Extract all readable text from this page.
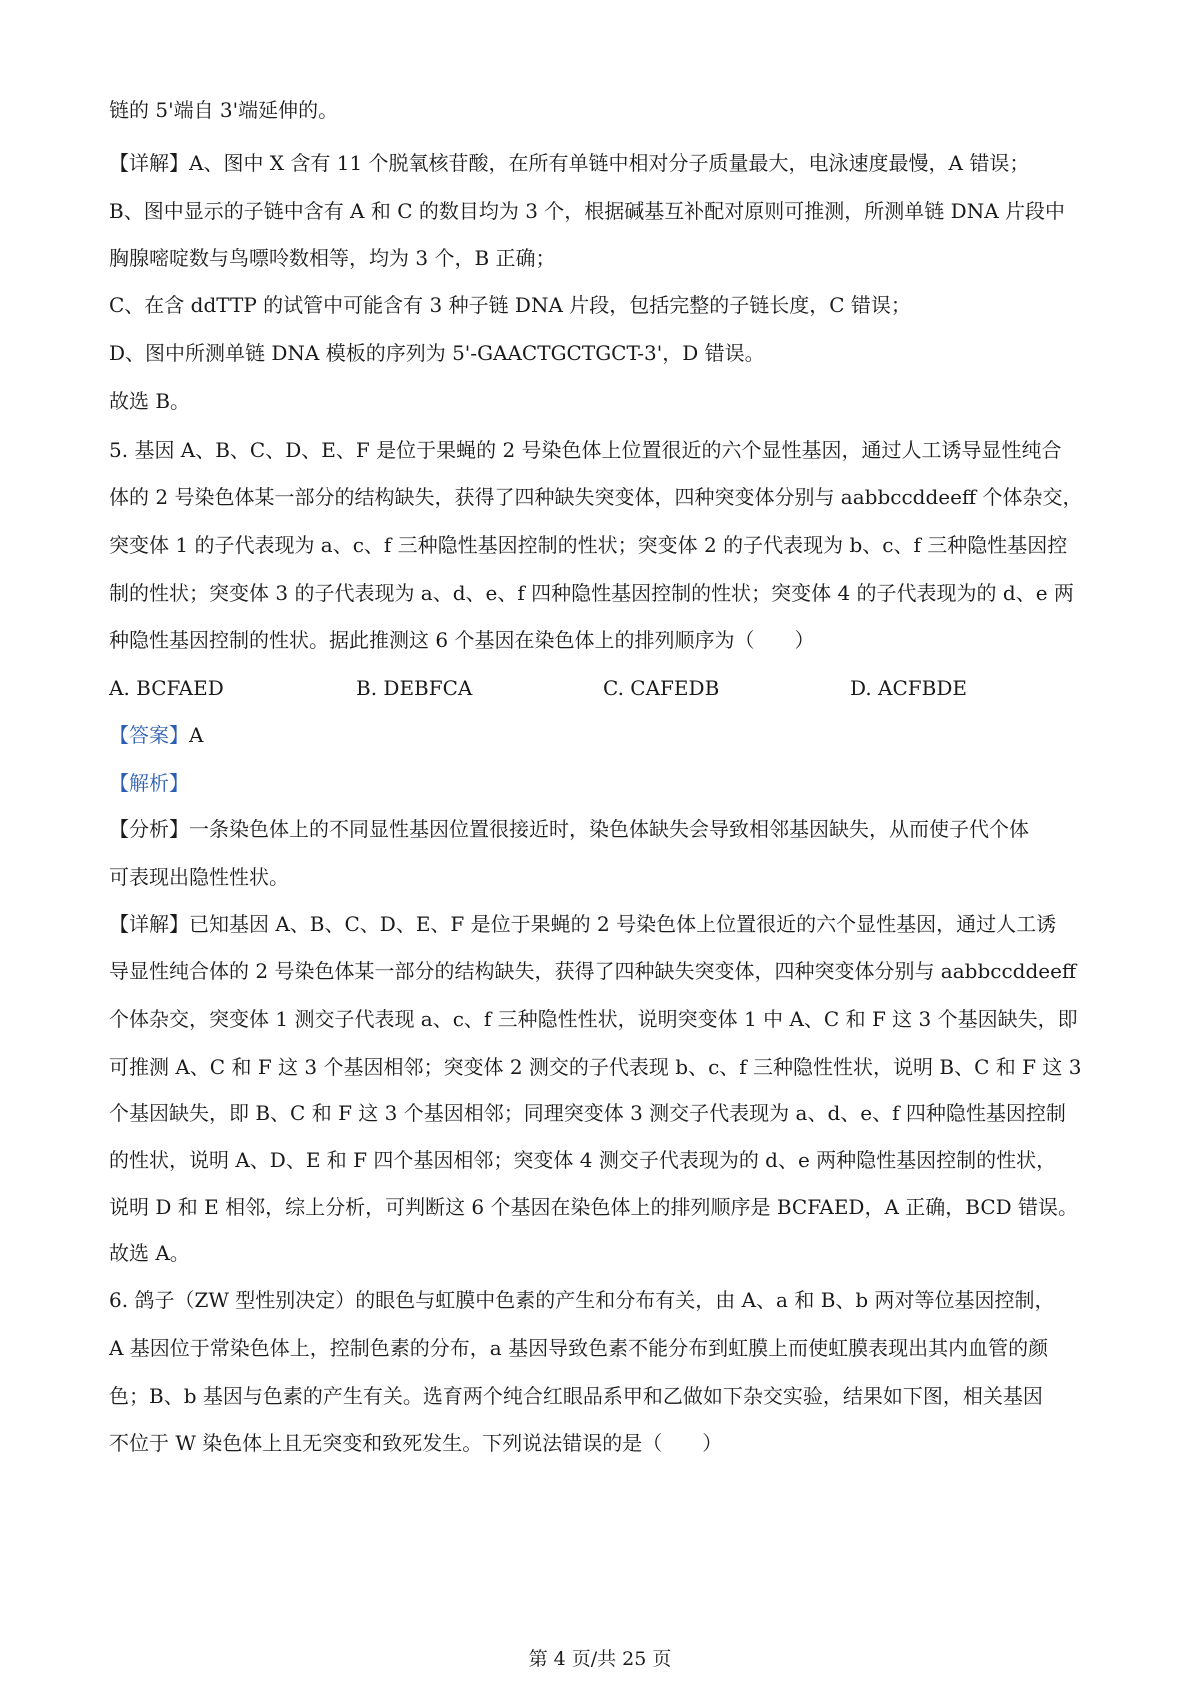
链的 5'端自 3'端延伸的。
【详解】A、图中 X 含有 11 个脱氧核苷酸，在所有单链中相对分子质量最大，电泳速度最慢，A 错误；
B、图中显示的子链中含有 A 和 C 的数目均为 3 个，根据碱基互补配对原则可推测，所测单链 DNA 片段中
胸腺嘧啶数与鸟嘌呤数相等，均为 3 个，B 正确；
C、在含 ddTTP 的试管中可能含有 3 种子链 DNA 片段，包括完整的子链长度，C 错误；
D、图中所测单链 DNA 模板的序列为 5'-GAACTGCTGCT-3'，D 错误。
故选 B。
5. 基因 A、B、C、D、E、F 是位于果蝇的 2 号染色体上位置很近的六个显性基因，通过人工诱导显性纯合
体的 2 号染色体某一部分的结构缺失，获得了四种缺失突变体，四种突变体分别与 aabbccddeeff 个体杂交，
突变体 1 的子代表现为 a、c、f 三种隐性基因控制的性状；突变体 2 的子代表现为 b、c、f 三种隐性基因控
制的性状；突变体 3 的子代表现为 a、d、e、f 四种隐性基因控制的性状；突变体 4 的子代表现为的 d、e 两
种隐性基因控制的性状。据此推测这 6 个基因在染色体上的排列顺序为（　　）
A. BCFAED	B. DEBFCA	C. CAFEDB	D. ACFBDE
【答案】A
【解析】
【分析】一条染色体上的不同显性基因位置很接近时，染色体缺失会导致相邻基因缺失，从而使子代个体
可表现出隐性性状。
【详解】已知基因 A、B、C、D、E、F 是位于果蝇的 2 号染色体上位置很近的六个显性基因，通过人工诱
导显性纯合体的 2 号染色体某一部分的结构缺失，获得了四种缺失突变体，四种突变体分别与 aabbccddeeff
个体杂交，突变体 1 测交子代表现 a、c、f 三种隐性性状，说明突变体 1 中 A、C 和 F 这 3 个基因缺失，即
可推测 A、C 和 F 这 3 个基因相邻；突变体 2 测交的子代表现 b、c、f 三种隐性性状，说明 B、C 和 F 这 3
个基因缺失，即 B、C 和 F 这 3 个基因相邻；同理突变体 3 测交子代表现为 a、d、e、f 四种隐性基因控制
的性状，说明 A、D、E 和 F 四个基因相邻；突变体 4 测交子代表现为的 d、e 两种隐性基因控制的性状，
说明 D 和 E 相邻，综上分析，可判断这 6 个基因在染色体上的排列顺序是 BCFAED，A 正确，BCD 错误。
故选 A。
6. 鸽子（ZW 型性别决定）的眼色与虹膜中色素的产生和分布有关，由 A、a 和 B、b 两对等位基因控制，
A 基因位于常染色体上，控制色素的分布，a 基因导致色素不能分布到虹膜上而使虹膜表现出其内血管的颜
色；B、b 基因与色素的产生有关。选育两个纯合红眼品系甲和乙做如下杂交实验，结果如下图，相关基因
不位于 W 染色体上且无突变和致死发生。下列说法错误的是（　　）
第 4 页/共 25 页
